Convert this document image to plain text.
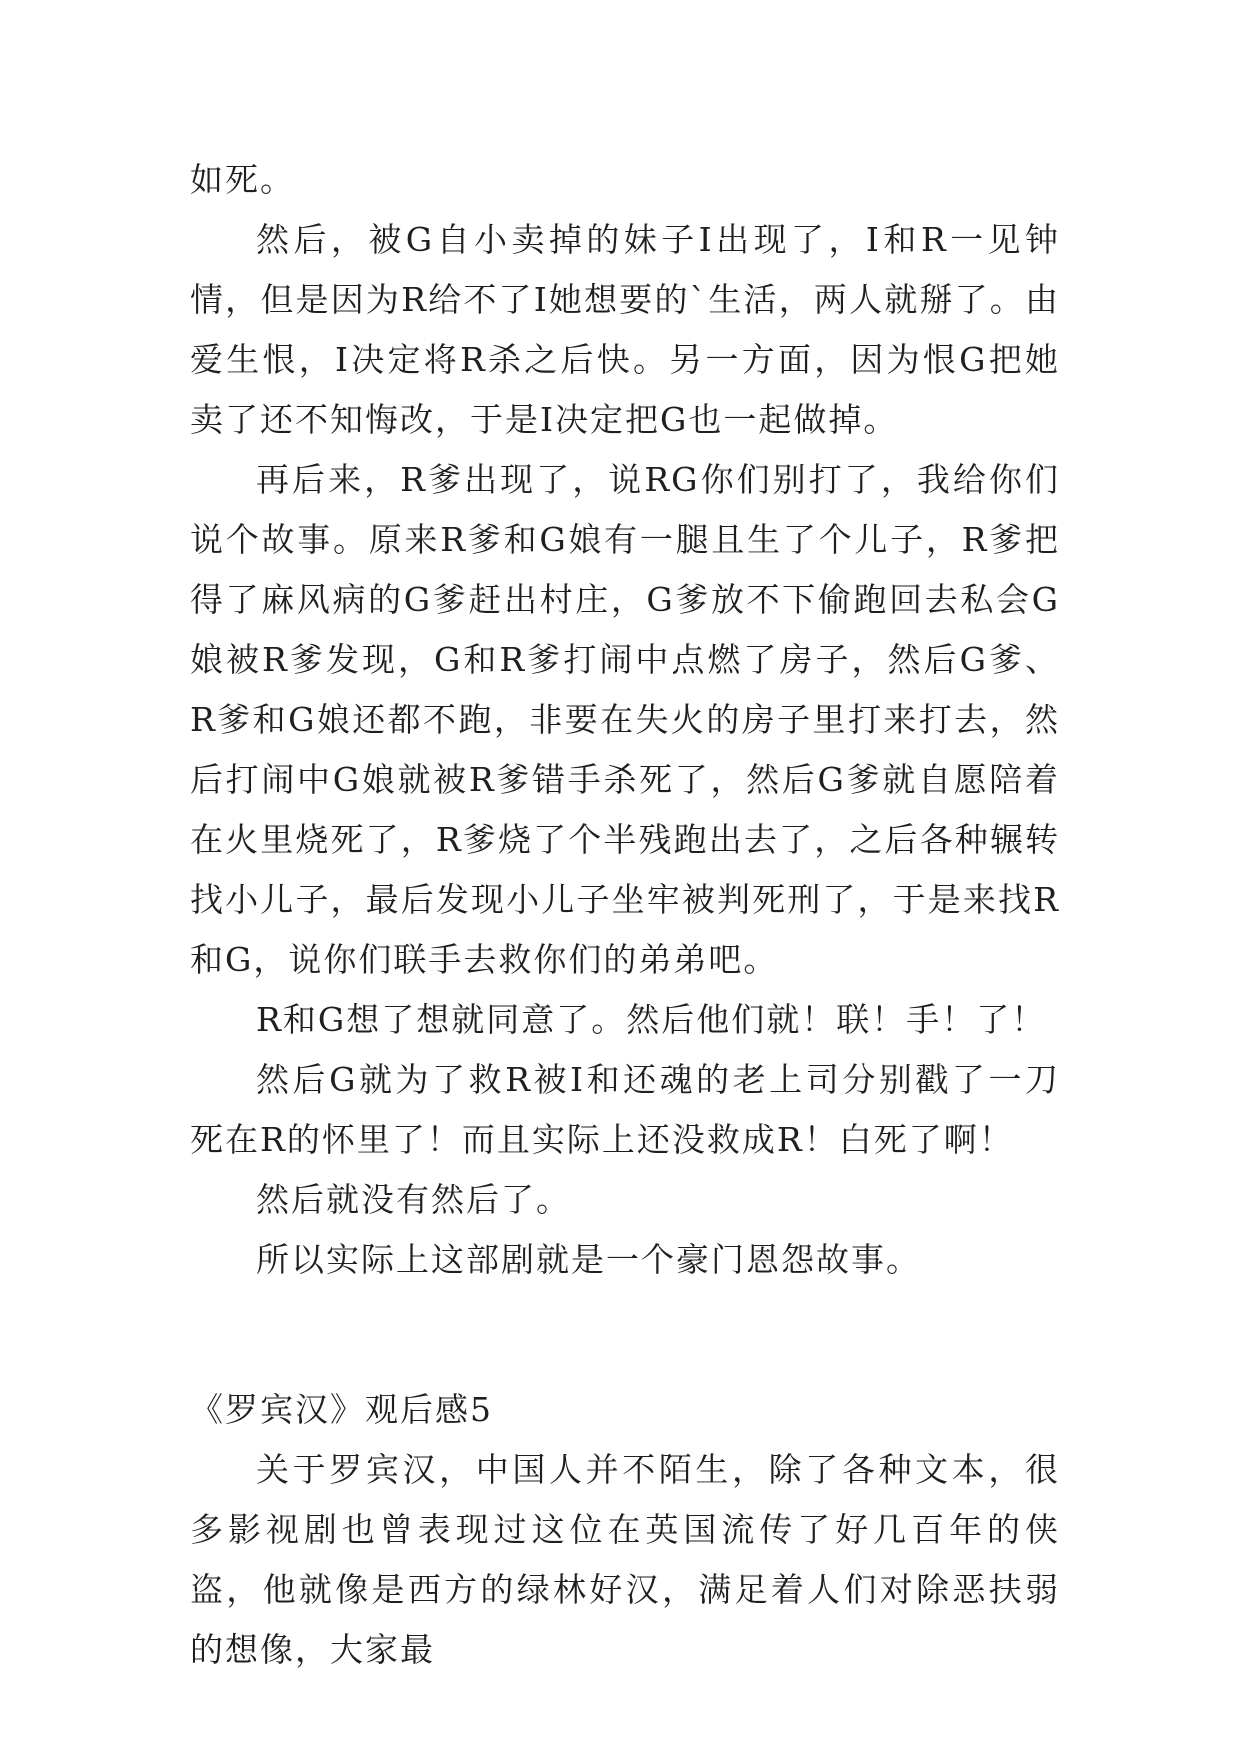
如死。

然后，被G自小卖掉的妹子I出现了，I和R一见钟情，但是因为R给不了I她想要的`生活，两人就掰了。由爱生恨，I决定将R杀之后快。另一方面，因为恨G把她卖了还不知悔改，于是I决定把G也一起做掉。

再后来，R爹出现了，说RG你们别打了，我给你们说个故事。原来R爹和G娘有一腿且生了个儿子，R爹把得了麻风病的G爹赶出村庄，G爹放不下偷跑回去私会G娘被R爹发现，G和R爹打闹中点燃了房子，然后G爹、R爹和G娘还都不跑，非要在失火的房子里打来打去，然后打闹中G娘就被R爹错手杀死了，然后G爹就自愿陪着在火里烧死了，R爹烧了个半残跑出去了，之后各种辗转找小儿子，最后发现小儿子坐牢被判死刑了，于是来找R和G，说你们联手去救你们的弟弟吧。

R和G想了想就同意了。然后他们就！联！手！了！

然后G就为了救R被I和还魂的老上司分别戳了一刀死在R的怀里了！而且实际上还没救成R！白死了啊！

然后就没有然后了。

所以实际上这部剧就是一个豪门恩怨故事。

《罗宾汉》观后感5

关于罗宾汉，中国人并不陌生，除了各种文本，很多影视剧也曾表现过这位在英国流传了好几百年的侠盗，他就像是西方的绿林好汉，满足着人们对除恶扶弱的想像，大家最
